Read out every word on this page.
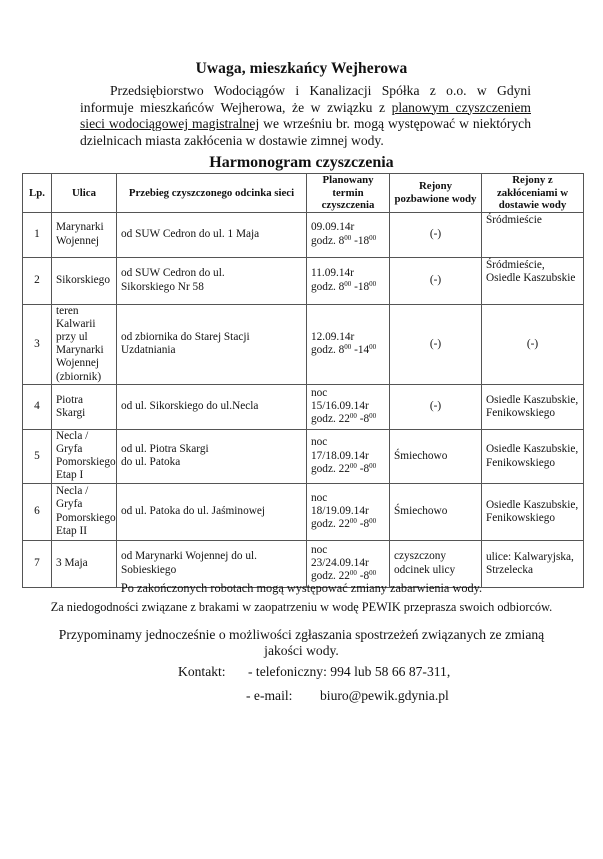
Uwaga, mieszkańcy Wejherowa
Przedsiębiorstwo Wodociągów i Kanalizacji Spółka z o.o. w Gdyni informuje mieszkańców Wejherowa, że w związku z planowym czyszczeniem sieci wodociągowej magistralnej we wrześniu br. mogą występować w niektórych dzielnicach miasta zakłócenia w dostawie zimnej wody.
Harmonogram czyszczenia
Lp.	Ulica	Przebieg czyszczonego odcinka sieci	Planowany termin czyszczenia	Rejony pozbawione wody	Rejony z zakłóceniami w dostawie wody
1	Marynarki Wojennej	od SUW Cedron do ul. 1 Maja	09.09.14r
godz. $8^{00}$ $-18^{00}$	(-)	Śródmieście
2	Sikorskiego	od SUW Cedron do ul. Sikorskiego Nr 58	11.09.14r
godz. $8^{00}$ $-18^{00}$	(-)	Śródmieście, Osiedle Kaszubskie
3	teren Kalwarii przy ul Marynarki Wojennej (zbiornik)	od zbiornika do Starej Stacji Uzdatniania	12.09.14r
godz. $8^{00}$ $-14^{00}$	(-)	(-)
4	Piotra Skargi	od ul. Sikorskiego do ul.Necla	noc 15/16.09.14r
godz. $22^{00}$ $-8^{00}$	(-)	Osiedle Kaszubskie, Fenikowskiego
5	Necla / Gryfa Pomorskiego Etap I	od ul. Piotra Skargi do ul. Patoka	noc 17/18.09.14r
godz. $22^{00}$ $-8^{00}$	Śmiechowo	Osiedle Kaszubskie, Fenikowskiego
6	Necla / Gryfa Pomorskiego Etap II	od ul. Patoka do ul. Jaśminowej	noc 18/19.09.14r
godz. $22^{00}$ $-8^{00}$	Śmiechowo	Osiedle Kaszubskie, Fenikowskiego
7	3 Maja	od Marynarki Wojennej do ul. Sobieskiego	noc 23/24.09.14r
godz. $22^{00}$ $-8^{00}$	czyszczony odcinek ulicy	ulice: Kalwaryjska, Strzelecka
Po zakończonych robotach mogą występować zmiany zabarwienia wody.
Za niedogodności związane z brakami w zaopatrzeniu w wodę PEWIK przeprasza swoich odbiorców.
Przypominamy jednocześnie o możliwości zgłaszania spostrzeżeń związanych ze zmianą
jakości wody.
Kontakt: - telefoniczny: 994 lub 58 66 87-311,
- e-mail: biuro@pewik.gdynia.pl
